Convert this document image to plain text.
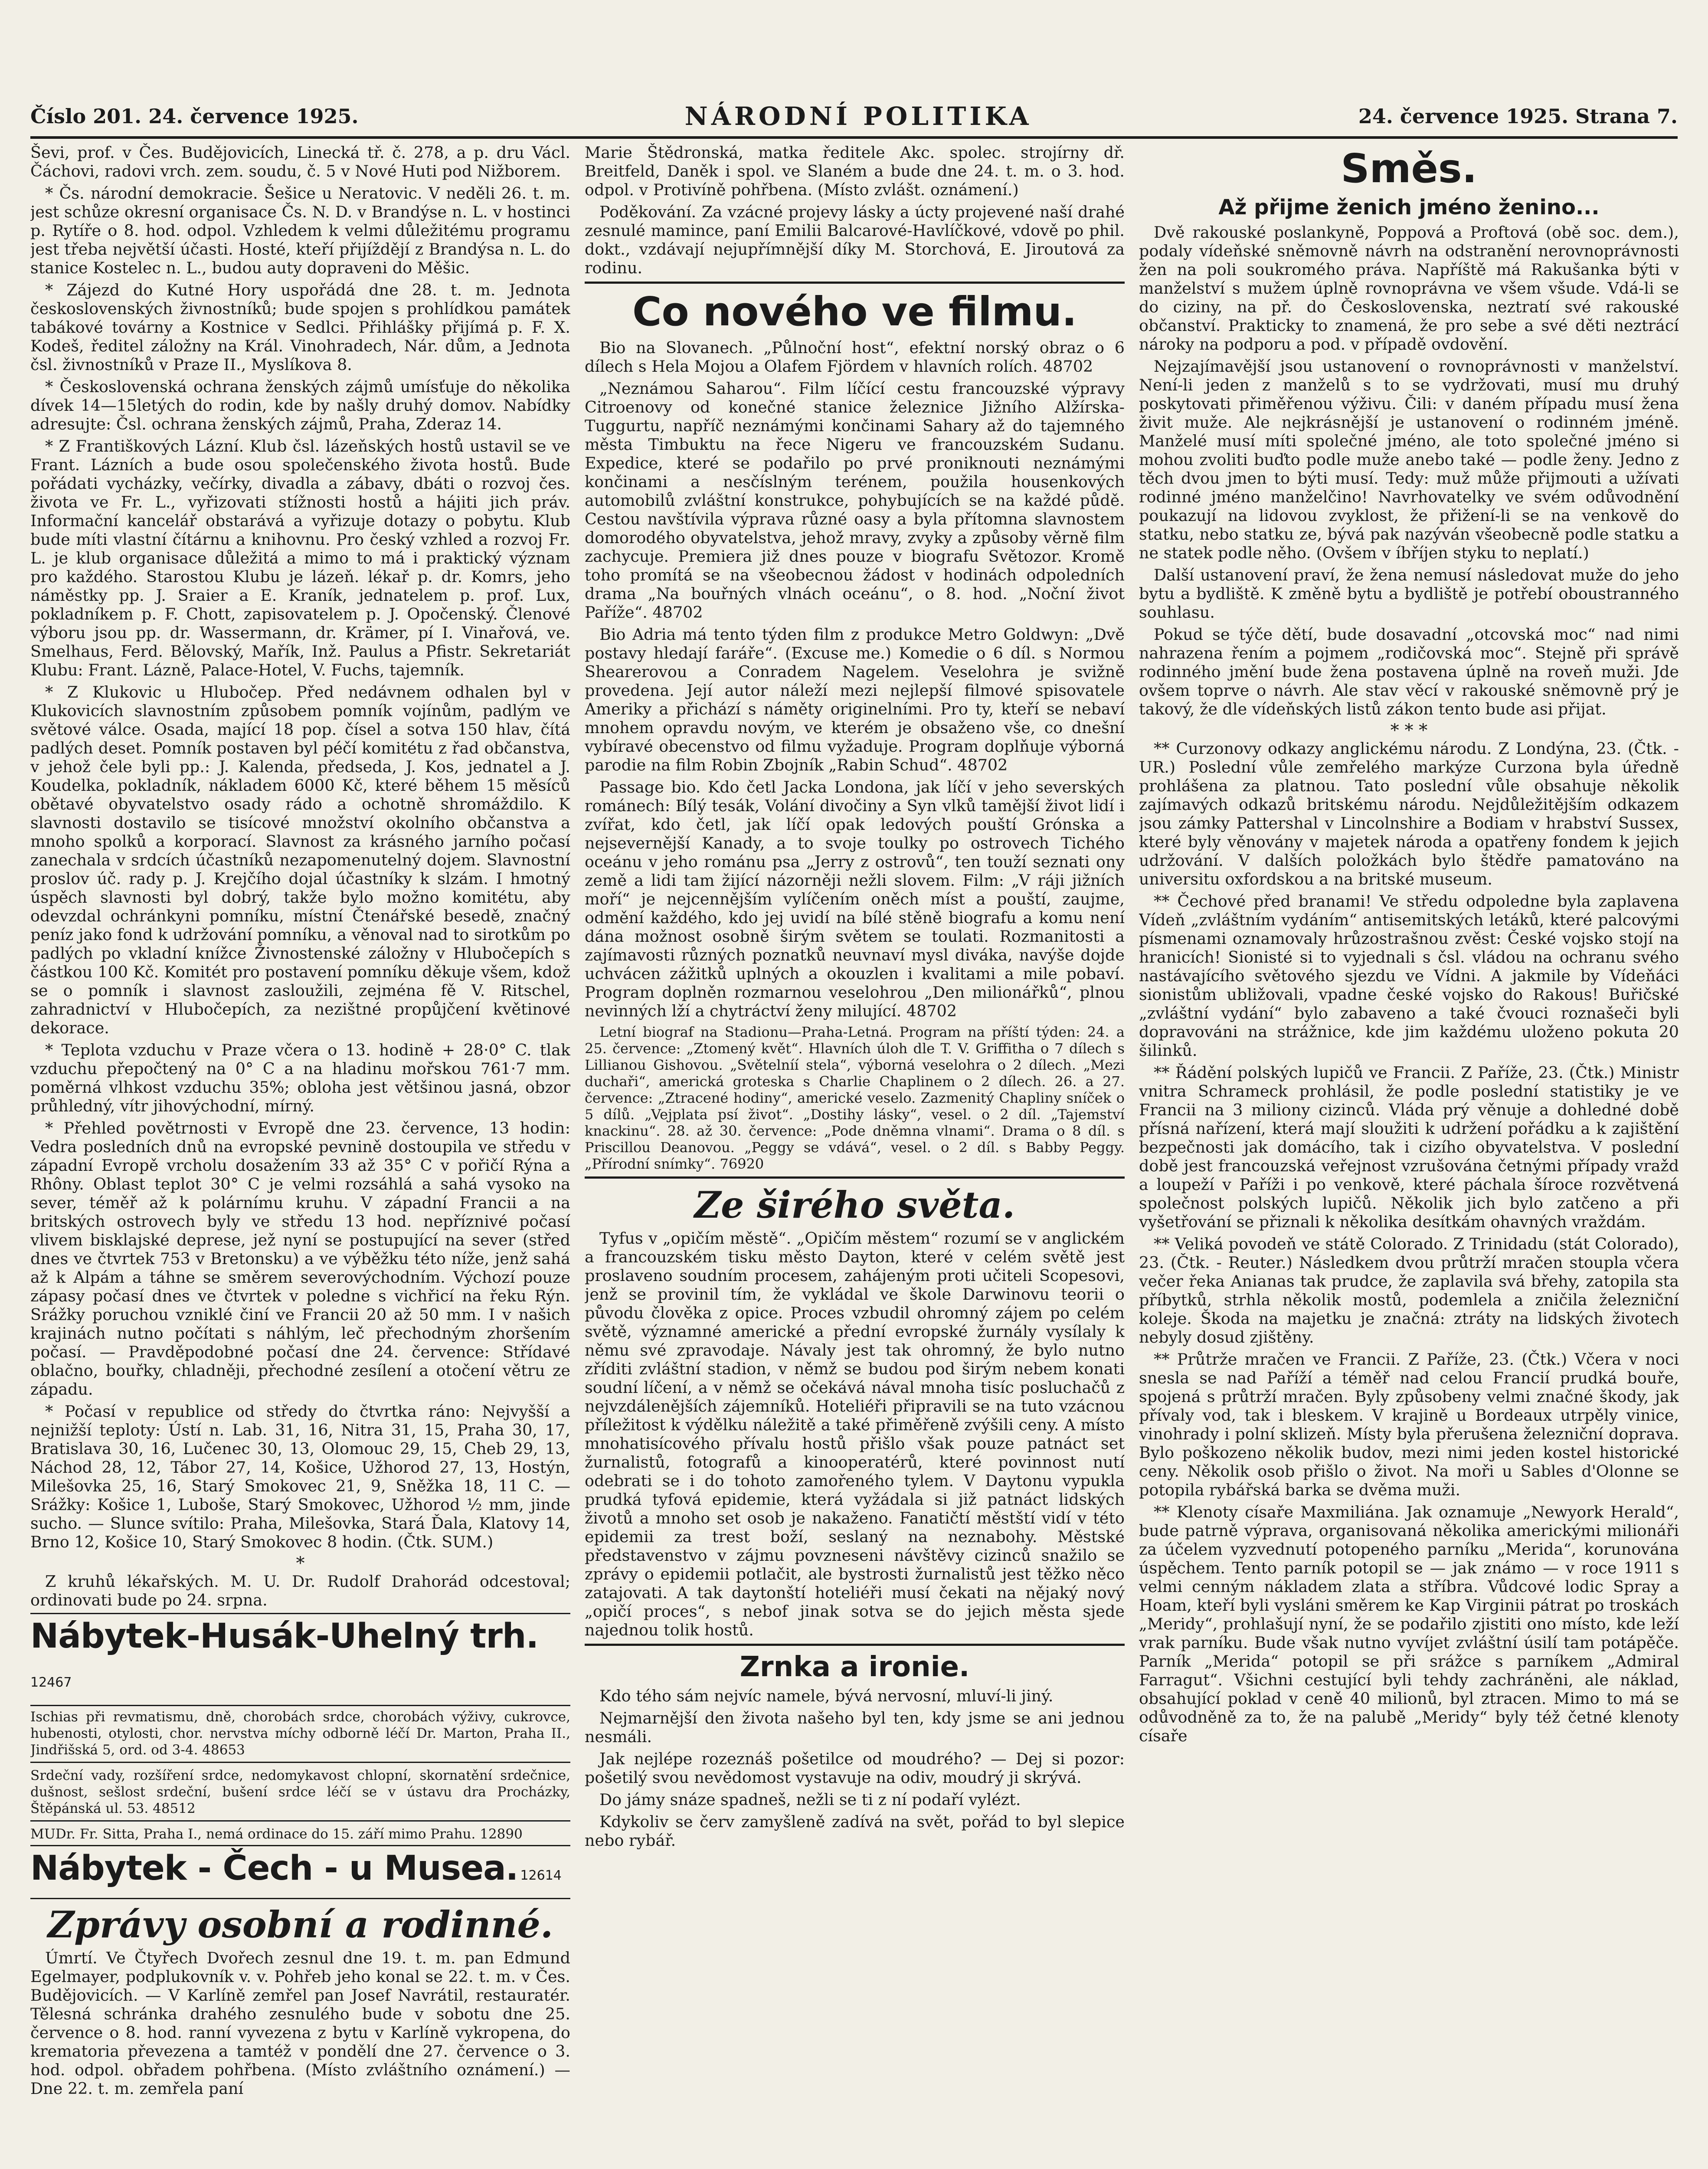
Číslo 201. 24. července 1925.	NÁRODNÍ POLITIKA	24. července 1925. Strana 7.

Ševi, prof. v Čes. Budějovicích, Linecká tř. č. 278, a p. dru Václ. Čáchovi, radovi vrch. zem. soudu, č. 5 v Nové Huti pod Nižborem.

* Čs. národní demokracie. Šešice u Neratovic. V neděli 26. t. m. jest schůze okresní organisace Čs. N. D. v Brandýse n. L. v hostinci p. Rytíře o 8. hod. odpol. Vzhledem k velmi důležitému programu jest třeba největší účasti. Hosté, kteří přijíždějí z Brandýsa n. L. do stanice Kostelec n. L., budou auty dopraveni do Měšic.

* Zájezd do Kutné Hory uspořádá dne 28. t. m. Jednota československých živnostníků; bude spojen s prohlídkou památek tabákové továrny a Kostnice v Sedlci. Přihlášky přijímá p. F. X. Kodeš, ředitel záložny na Král. Vinohradech, Nár. dům, a Jednota čsl. živnostníků v Praze II., Myslíkova 8.

* Československá ochrana ženských zájmů umísťuje do několika dívek 14—15letých do rodin, kde by našly druhý domov. Nabídky adresujte: Čsl. ochrana ženských zájmů, Praha, Zderaz 14.

* Z Františkových Lázní. Klub čsl. lázeňských hostů ustavil se ve Frant. Lázních a bude osou společenského života hostů. Bude pořádati vycházky, večírky, divadla a zábavy, dbáti o rozvoj čes. života ve Fr. L., vyřizovati stížnosti hostů a hájiti jich práv. Informační kancelář obstarává a vyřizuje dotazy o pobytu. Klub bude míti vlastní čítárnu a knihovnu. Pro český vzhled a rozvoj Fr. L. je klub organisace důležitá a mimo to má i praktický význam pro každého. Starostou Klubu je lázeň. lékař p. dr. Komrs, jeho náměstky pp. J. Sraier a E. Kraník, jednatelem p. prof. Lux, pokladníkem p. F. Chott, zapisovatelem p. J. Opočenský. Členové výboru jsou pp. dr. Wassermann, dr. Krämer, pí I. Vinařová, ve. Smelhaus, Ferd. Bělovský, Mařík, Inž. Paulus a Pfistr. Sekretariát Klubu: Frant. Lázně, Palace-Hotel, V. Fuchs, tajemník.

* Z Klukovic u Hlubočep. Před nedávnem odhalen byl v Klukovicích slavnostním způsobem pomník vojínům, padlým ve světové válce. Osada, mající 18 pop. čísel a sotva 150 hlav, čítá padlých deset. Pomník postaven byl péčí komitétu z řad občanstva, v jehož čele byli pp.: J. Kalenda, předseda, J. Kos, jednatel a J. Koudelka, pokladník, nákladem 6000 Kč, které během 15 měsíců obětavé obyvatelstvo osady rádo a ochotně shromáždilo. K slavnosti dostavilo se tisícové množství okolního občanstva a mnoho spolků a korporací. Slavnost za krásného jarního počasí zanechala v srdcích účastníků nezapomenutelný dojem. Slavnostní proslov úč. rady p. J. Krejčího dojal účastníky k slzám. I hmotný úspěch slavnosti byl dobrý, takže bylo možno komitétu, aby odevzdal ochránkyni pomníku, místní Čtenářské besedě, značný peníz jako fond k udržování pomníku, a věnoval nad to sirotkům po padlých po vkladní knížce Živnostenské záložny v Hlubočepích s částkou 100 Kč. Komitét pro postavení pomníku děkuje všem, kdož se o pomník i slavnost zasloužili, zejména fě V. Ritschel, zahradnictví v Hlubočepích, za nezištné propůjčení květinové dekorace.

* Teplota vzduchu v Praze včera o 13. hodině + 28·0° C. tlak vzduchu přepočtený na 0° C a na hladinu mořskou 761·7 mm. poměrná vlhkost vzduchu 35%; obloha jest většinou jasná, obzor průhledný, vítr jihovýchodní, mírný.

* Přehled povětrnosti v Evropě dne 23. července, 13 hodin: Vedra posledních dnů na evropské pevnině dostoupila ve středu v západní Evropě vrcholu dosažením 33 až 35° C v pořičí Rýna a Rhôny. Oblast teplot 30° C je velmi rozsáhlá a sahá vysoko na sever, téměř až k polárnímu kruhu. V západní Francii a na britských ostrovech byly ve středu 13 hod. nepříznivé počasí vlivem bisklajské deprese, jež nyní se postupující na sever (střed dnes ve čtvrtek 753 v Bretonsku) a ve výběžku této níže, jenž sahá až k Alpám a táhne se směrem severovýchodním. Výchozí pouze zápasy počasí dnes ve čtvrtek v poledne s vichřicí na řeku Rýn. Srážky poruchou vzniklé činí ve Francii 20 až 50 mm. I v našich krajinách nutno počítati s náhlým, leč přechodným zhoršením počasí. — Pravděpodobné počasí dne 24. července: Střídavé oblačno, bouřky, chladněji, přechodné zesílení a otočení větru ze západu.

* Počasí v republice od středy do čtvrtka ráno: Nejvyšší a nejnižší teploty: Ústí n. Lab. 31, 16, Nitra 31, 15, Praha 30, 17, Bratislava 30, 16, Lučenec 30, 13, Olomouc 29, 15, Cheb 29, 13, Náchod 28, 12, Tábor 27, 14, Košice, Užhorod 27, 13, Hostýn, Milešovka 25, 16, Starý Smokovec 21, 9, Sněžka 18, 11 C. — Srážky: Košice 1, Luboše, Starý Smokovec, Užhorod ½ mm, jinde sucho. — Slunce svítilo: Praha, Milešovka, Stará Ďala, Klatovy 14, Brno 12, Košice 10, Starý Smokovec 8 hodin. (Čtk. SUM.)

*

Z kruhů lékařských. M. U. Dr. Rudolf Drahorád odcestoval; ordinovati bude po 24. srpna.

Nábytek-Husák-Uhelný trh. 12467
Ischias při revmatismu, dně, chorobách srdce, chorobách výživy, cukrovce, hubenosti, otylosti, chor. nervstva míchy odborně léčí Dr. Marton, Praha II., Jindřišská 5, ord. od 3-4. 48653
Srdeční vady, rozšíření srdce, nedomykavost chlopní, skornatění srdečnice, dušnost, sešlost srdeční, bušení srdce léčí se v ústavu dra Procházky, Štěpánská ul. 53. 48512
MUDr. Fr. Sitta, Praha I., nemá ordinace do 15. září mimo Prahu. 12890
Nábytek - Čech - u Musea. 12614
Zprávy osobní a rodinné.

Úmrtí. Ve Čtyřech Dvořech zesnul dne 19. t. m. pan Edmund Egelmayer, podplukovník v. v. Pohřeb jeho konal se 22. t. m. v Čes. Budějovicích. — V Karlíně zemřel pan Josef Navrátil, restauratér. Tělesná schránka drahého zesnulého bude v sobotu dne 25. července o 8. hod. ranní vyvezena z bytu v Karlíně vykropena, do krematoria převezena a tamtéž v pondělí dne 27. července o 3. hod. odpol. obřadem pohřbena. (Místo zvláštního oznámení.) — Dne 22. t. m. zemřela paní

Marie Štědronská, matka ředitele Akc. spolec. strojírny dř. Breitfeld, Daněk i spol. ve Slaném a bude dne 24. t. m. o 3. hod. odpol. v Protivíně pohřbena. (Místo zvlášt. oznámení.)

Poděkování. Za vzácné projevy lásky a úcty projevené naší drahé zesnulé mamince, paní Emilii Balcarové-Havlíčkové, vdově po phil. dokt., vzdávají nejupřímnější díky M. Storchová, E. Jiroutová za rodinu.

Co nového ve filmu.

Bio na Slovanech. „Půlnoční host“, efektní norský obraz o 6 dílech s Hela Mojou a Olafem Fjördem v hlavních rolích. 48702

„Neznámou Saharou“. Film líčící cestu francouzské výpravy Citroenovy od konečné stanice železnice Jižního Alžírska-Tuggurtu, napříč neznámými končinami Sahary až do tajemného města Timbuktu na řece Nigeru ve francouzském Sudanu. Expedice, které se podařilo po prvé proniknouti neznámými končinami a nesčíslným terénem, použila housenkových automobilů zvláštní konstrukce, pohybujících se na každé půdě. Cestou navštívila výprava různé oasy a byla přítomna slavnostem domorodého obyvatelstva, jehož mravy, zvyky a způsoby věrně film zachycuje. Premiera již dnes pouze v biografu Světozor. Kromě toho promítá se na všeobecnou žádost v hodinách odpoledních drama „Na bouřných vlnách oceánu“, o 8. hod. „Noční život Paříže“. 48702

Bio Adria má tento týden film z produkce Metro Goldwyn: „Dvě postavy hledají faráře“. (Excuse me.) Komedie o 6 díl. s Normou Shearerovou a Conradem Nagelem. Veselohra je svižně provedena. Její autor náleží mezi nejlepší filmové spisovatele Ameriky a přichází s náměty originelními. Pro ty, kteří se nebaví mnohem opravdu novým, ve kterém je obsaženo vše, co dnešní vybíravé obecenstvo od filmu vyžaduje. Program doplňuje výborná parodie na film Robin Zbojník „Rabin Schud“. 48702

Passage bio. Kdo četl Jacka Londona, jak líčí v jeho severských románech: Bílý tesák, Volání divočiny a Syn vlků tamější život lidí i zvířat, kdo četl, jak líčí opak ledových pouští Grónska a nejsevernější Kanady, a to svoje toulky po ostrovech Tichého oceánu v jeho románu psa „Jerry z ostrovů“, ten touží seznati ony země a lidi tam žijící názorněji nežli slovem. Film: „V ráji jižních moří“ je nejcennějším vylíčením oněch míst a pouští, zaujme, odmění každého, kdo jej uvidí na bílé stěně biografu a komu není dána možnost osobně širým světem se toulati. Rozmanitosti a zajímavosti různých poznatků neuvnaví mysl diváka, navýše dojde uchvácen zážitků uplných a okouzlen i kvalitami a mile pobaví. Program doplněn rozmarnou veselohrou „Den milionářků“, plnou nevinných lží a chytráctví ženy milující. 48702

Letní biograf na Stadionu—Praha-Letná. Program na příští týden: 24. a 25. července: „Ztomený květ“. Hlavních úloh dle T. V. Griffitha o 7 dílech s Lillianou Gishovou. „Světelníí stela“, výborná veselohra o 2 dílech. „Mezi duchaři“, americká groteska s Charlie Chaplinem o 2 dílech. 26. a 27. července: „Ztracené hodiny“, americké veselo. Zazmenitý Chapliny sníček o 5 dílů. „Vejplata psí život“. „Dostihy lásky“, vesel. o 2 díl. „Tajemství knackinu“. 28. až 30. července: „Pode dněmna vlnami“. Drama o 8 díl. s Priscillou Deanovou. „Peggy se vdává“, vesel. o 2 díl. s Babby Peggy. „Přírodní snímky“. 76920

Ze širého světa.

Tyfus v „opičím městě“. „Opičím městem“ rozumí se v anglickém a francouzském tisku město Dayton, které v celém světě jest proslaveno soudním procesem, zahájeným proti učiteli Scopesovi, jenž se provinil tím, že vykládal ve škole Darwinovu teorii o původu člověka z opice. Proces vzbudil ohromný zájem po celém světě, významné americké a přední evropské žurnály vysílaly k němu své zpravodaje. Návaly jest tak ohromný, že bylo nutno zříditi zvláštní stadion, v němž se budou pod širým nebem konati soudní líčení, a v němž se očekává nával mnoha tisíc posluchačů z nejvzdálenějších zájemníků. Hoteliéři připravili se na tuto vzácnou příležitost k výdělku náležitě a také přiměřeně zvýšili ceny. A místo mnohatisícového přívalu hostů přišlo však pouze patnáct set žurnalistů, fotografů a kinooperatérů, které povinnost nutí odebrati se i do tohoto zamořeného tylem. V Daytonu vypukla prudká tyfová epidemie, která vyžádala si již patnáct lidských životů a mnoho set osob je nakaženo. Fanatičtí městští vidí v této epidemii za trest boží, seslaný na neznabohy. Městské představenstvo v zájmu povzneseni návštěvy cizinců snažilo se zprávy o epidemii potlačit, ale bystrosti žurnalistů jest těžko něco zatajovati. A tak daytonští hoteliéři musí čekati na nějaký nový „opičí proces“, s nebof jinak sotva se do jejich města sjede najednou tolik hostů.

Zrnka a ironie.

Kdo tého sám nejvíc namele, bývá nervosní, mluví-li jiný.

Nejmarnější den života našeho byl ten, kdy jsme se ani jednou nesmáli.

Jak nejlépe rozeznáš pošetilce od moudrého? — Dej si pozor: pošetilý svou nevědomost vystavuje na odiv, moudrý ji skrývá.

Do jámy snáze spadneš, nežli se ti z ní podaří vylézt.

Kdykoliv se červ zamyšleně zadívá na svět, pořád to byl slepice nebo rybář.

Směs.
Až přijme ženich jméno ženino...

Dvě rakouské poslankyně, Poppová a Proftová (obě soc. dem.), podaly vídeňské sněmovně návrh na odstranění nerovnoprávnosti žen na poli soukromého práva. Napříště má Rakušanka býti v manželství s mužem úplně rovnoprávna ve všem všude. Vdá-li se do ciziny, na př. do Československa, neztratí své rakouské občanství. Prakticky to znamená, že pro sebe a své děti neztrácí nároky na podporu a pod. v případě ovdovění.

Nejzajímavější jsou ustanovení o rovnoprávnosti v manželství. Není-li jeden z manželů s to se vydržovati, musí mu druhý poskytovati přiměřenou výživu. Čili: v daném případu musí žena živit muže. Ale nejkrásnější je ustanovení o rodinném jméně. Manželé musí míti společné jméno, ale toto společné jméno si mohou zvoliti buďto podle muže anebo také — podle ženy. Jedno z těch dvou jmen to býti musí. Tedy: muž může přijmouti a užívati rodinné jméno manželčino! Navrhovatelky ve svém odůvodnění poukazují na lidovou zvyklost, že přižení-li se na venkově do statku, nebo statku ze, bývá pak nazýván všeobecně podle statku a ne statek podle něho. (Ovšem v íbříjen styku to neplatí.)

Další ustanovení praví, že žena nemusí následovat muže do jeho bytu a bydliště. K změně bytu a bydliště je potřebí oboustranného souhlasu.

Pokud se týče dětí, bude dosavadní „otcovská moc“ nad nimi nahrazena řením a pojmem „rodičovská moc“. Stejně při správě rodinného jmění bude žena postavena úplně na roveň muži. Jde ovšem toprve o návrh. Ale stav věcí v rakouské sněmovně prý je takový, že dle vídeňských listů zákon tento bude asi přijat.

* * *

** Curzonovy odkazy anglickému národu. Z Londýna, 23. (Čtk. - UR.) Poslední vůle zemřelého markýze Curzona byla úředně prohlášena za platnou. Tato poslední vůle obsahuje několik zajímavých odkazů britskému národu. Nejdůležitějším odkazem jsou zámky Pattershal v Lincolnshire a Bodiam v hrabství Sussex, které byly věnovány v majetek národa a opatřeny fondem k jejich udržování. V dalších položkách bylo štědře pamatováno na universitu oxfordskou a na britské museum.

** Čechové před branami! Ve středu odpoledne byla zaplavena Vídeň „zvláštním vydáním“ antisemitských letáků, které palcovými písmenami oznamovaly hrůzostrašnou zvěst: České vojsko stojí na hranicích! Sionisté si to vyjednali s čsl. vládou na ochranu svého nastávajícího světového sjezdu ve Vídni. A jakmile by Vídeňáci sionistům ubližovali, vpadne české vojsko do Rakous! Buřičské „zvláštní vydání“ bylo zabaveno a také čvouci roznašeči byli dopravováni na strážnice, kde jim každému uloženo pokuta 20 šilinků.

** Řádění polských lupičů ve Francii. Z Paříže, 23. (Čtk.) Ministr vnitra Schrameck prohlásil, že podle poslední statistiky je ve Francii na 3 miliony cizinců. Vláda prý věnuje a dohledné době přísná nařízení, která mají sloužiti k udržení pořádku a k zajištění bezpečnosti jak domácího, tak i cizího obyvatelstva. V poslední době jest francouzská veřejnost vzrušována četnými případy vražd a loupeží v Paříži i po venkově, které páchala šíroce rozvětvená společnost polských lupičů. Několik jich bylo zatčeno a při vyšetřování se přiznali k několika desítkám ohavných vraždám.

** Veliká povodeň ve státě Colorado. Z Trinidadu (stát Colorado), 23. (Čtk. - Reuter.) Následkem dvou průtrží mračen stoupla včera večer řeka Anianas tak prudce, že zaplavila svá břehy, zatopila sta příbytků, strhla několik mostů, podemlela a zničila železniční koleje. Škoda na majetku je značná: ztráty na lidských životech nebyly dosud zjištěny.

** Průtrže mračen ve Francii. Z Paříže, 23. (Čtk.) Včera v noci snesla se nad Paříží a téměř nad celou Francií prudká bouře, spojená s průtrží mračen. Byly způsobeny velmi značné škody, jak přívaly vod, tak i bleskem. V krajině u Bordeaux utrpěly vinice, vinohrady i polní sklizeň. Místy byla přerušena železniční doprava. Bylo poškozeno několik budov, mezi nimi jeden kostel historické ceny. Několik osob přišlo o život. Na moři u Sables d'Olonne se potopila rybářská barka se dvěma muži.

** Klenoty císaře Maxmiliána. Jak oznamuje „Newyork Herald“, bude patrně výprava, organisovaná několika americkými milionáři za účelem vyzvednutí potopeného parníku „Merida“, korunována úspěchem. Tento parník potopil se — jak známo — v roce 1911 s velmi cenným nákladem zlata a stříbra. Vůdcové lodic Spray a Hoam, kteří byli vysláni směrem ke Kap Virginii pátrat po troskách „Meridy“, prohlašují nyní, že se podařilo zjistiti ono místo, kde leží vrak parníku. Bude však nutno vyvíjet zvláštní úsilí tam potápěče. Parník „Merida“ potopil se při srážce s parníkem „Admiral Farragut“. Všichni cestující byli tehdy zachráněni, ale náklad, obsahující poklad v ceně 40 milionů, byl ztracen. Mimo to má se odůvodněně za to, že na palubě „Meridy“ byly též četné klenoty císaře
